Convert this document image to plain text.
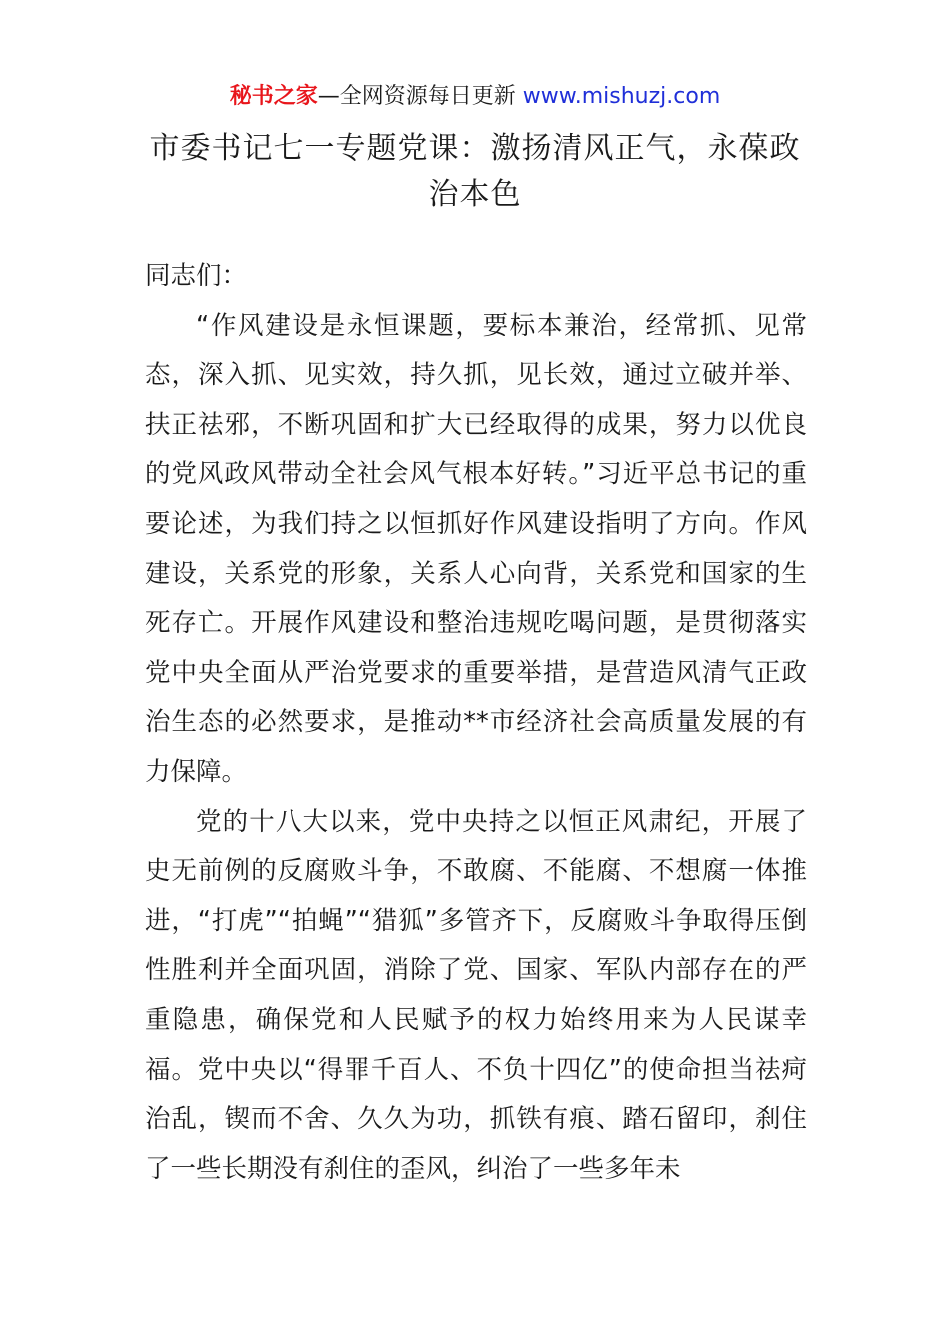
秘书之家—全网资源每日更新 www.mishuzj.com
市委书记七一专题党课：激扬清风正气，永葆政治本色

同志们：

“作风建设是永恒课题，要标本兼治，经常抓、见常态，深入抓、见实效，持久抓，见长效，通过立破并举、扶正祛邪，不断巩固和扩大已经取得的成果，努力以优良的党风政风带动全社会风气根本好转。”习近平总书记的重要论述，为我们持之以恒抓好作风建设指明了方向。作风建设，关系党的形象，关系人心向背，关系党和国家的生死存亡。开展作风建设和整治违规吃喝问题，是贯彻落实党中央全面从严治党要求的重要举措，是营造风清气正政治生态的必然要求，是推动**市经济社会高质量发展的有力保障。

党的十八大以来，党中央持之以恒正风肃纪，开展了史无前例的反腐败斗争，不敢腐、不能腐、不想腐一体推进，“打虎”“拍蝇”“猎狐”多管齐下，反腐败斗争取得压倒性胜利并全面巩固，消除了党、国家、军队内部存在的严重隐患，确保党和人民赋予的权力始终用来为人民谋幸福。党中央以“得罪千百人、不负十四亿”的使命担当祛疴治乱，锲而不舍、久久为功，抓铁有痕、踏石留印，刹住了一些长期没有刹住的歪风，纠治了一些多年未
